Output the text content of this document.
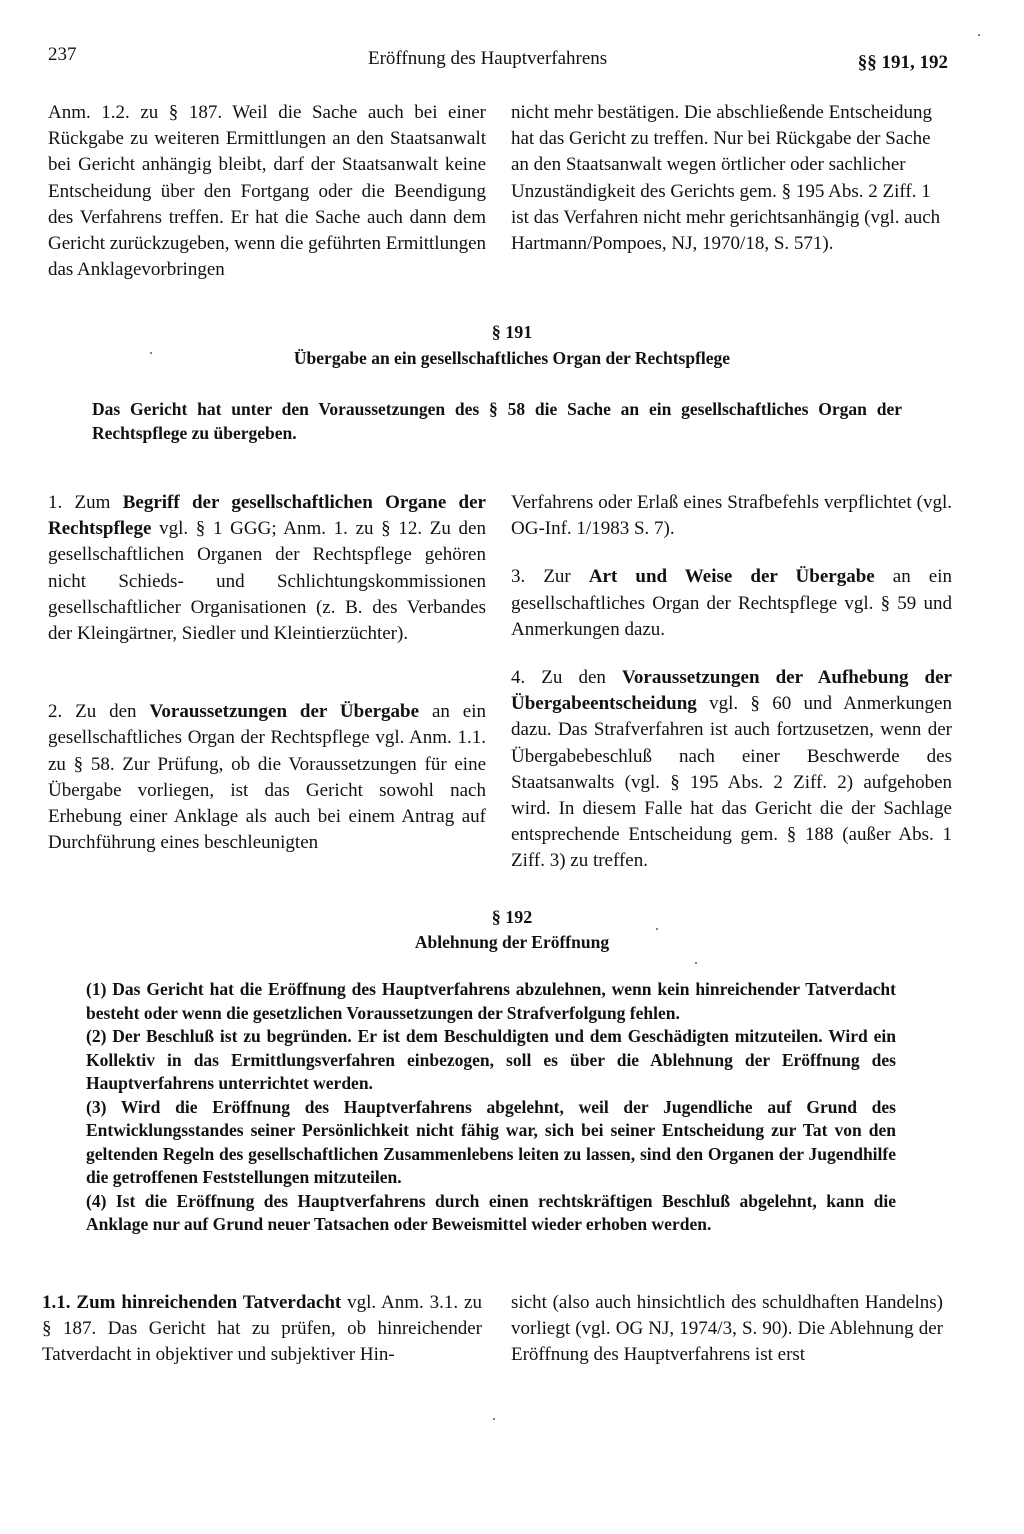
237	Eröffnung des Hauptverfahrens	§§ 191, 192

Anm. 1.2. zu § 187. Weil die Sache auch bei einer Rückgabe zu weiteren Ermittlungen an den Staatsanwalt bei Gericht anhängig bleibt, darf der Staatsanwalt keine Entscheidung über den Fortgang oder die Beendigung des Verfahrens treffen. Er hat die Sache auch dann dem Gericht zurückzugeben, wenn die geführten Ermittlungen das Anklagevorbringen

nicht mehr bestätigen. Die abschließende Entscheidung hat das Gericht zu treffen. Nur bei Rückgabe der Sache an den Staatsanwalt wegen örtlicher oder sachlicher Unzuständigkeit des Gerichts gem. § 195 Abs. 2 Ziff. 1 ist das Verfahren nicht mehr gerichtsanhängig (vgl. auch Hartmann/Pompoes, NJ, 1970/18, S. 571).

§ 191
Übergabe an ein gesellschaftliches Organ der Rechtspflege

Das Gericht hat unter den Voraussetzungen des § 58 die Sache an ein gesellschaftliches Organ der Rechtspflege zu übergeben.

1. Zum Begriff der gesellschaftlichen Organe der Rechtspflege vgl. § 1 GGG; Anm. 1. zu § 12. Zu den gesellschaftlichen Organen der Rechtspflege gehören nicht Schieds- und Schlichtungskommissionen gesellschaftlicher Organisationen (z. B. des Verbandes der Kleingärtner, Siedler und Kleintierzüchter).

2. Zu den Voraussetzungen der Übergabe an ein gesellschaftliches Organ der Rechtspflege vgl. Anm. 1.1. zu § 58. Zur Prüfung, ob die Voraussetzungen für eine Übergabe vorliegen, ist das Gericht sowohl nach Erhebung einer Anklage als auch bei einem Antrag auf Durchführung eines beschleunigten

Verfahrens oder Erlaß eines Strafbefehls verpflichtet (vgl. OG-Inf. 1/1983 S. 7).

3. Zur Art und Weise der Übergabe an ein gesellschaftliches Organ der Rechtspflege vgl. § 59 und Anmerkungen dazu.

4. Zu den Voraussetzungen der Aufhebung der Übergabeentscheidung vgl. § 60 und Anmerkungen dazu. Das Strafverfahren ist auch fortzusetzen, wenn der Übergabebeschluß nach einer Beschwerde des Staatsanwalts (vgl. § 195 Abs. 2 Ziff. 2) aufgehoben wird. In diesem Falle hat das Gericht die der Sachlage entsprechende Entscheidung gem. § 188 (außer Abs. 1 Ziff. 3) zu treffen.

§ 192
Ablehnung der Eröffnung

(1) Das Gericht hat die Eröffnung des Hauptverfahrens abzulehnen, wenn kein hinreichender Tatverdacht besteht oder wenn die gesetzlichen Voraussetzungen der Strafverfolgung fehlen.

(2) Der Beschluß ist zu begründen. Er ist dem Beschuldigten und dem Geschädigten mitzuteilen. Wird ein Kollektiv in das Ermittlungsverfahren einbezogen, soll es über die Ablehnung der Eröffnung des Hauptverfahrens unterrichtet werden.

(3) Wird die Eröffnung des Hauptverfahrens abgelehnt, weil der Jugendliche auf Grund des Entwicklungsstandes seiner Persönlichkeit nicht fähig war, sich bei seiner Entscheidung zur Tat von den geltenden Regeln des gesellschaftlichen Zusammenlebens leiten zu lassen, sind den Organen der Jugendhilfe die getroffenen Feststellungen mitzuteilen.

(4) Ist die Eröffnung des Hauptverfahrens durch einen rechtskräftigen Beschluß abgelehnt, kann die Anklage nur auf Grund neuer Tatsachen oder Beweismittel wieder erhoben werden.

1.1. Zum hinreichenden Tatverdacht vgl. Anm. 3.1. zu § 187. Das Gericht hat zu prüfen, ob hinreichender Tatverdacht in objektiver und subjektiver Hin-

sicht (also auch hinsichtlich des schuldhaften Handelns) vorliegt (vgl. OG NJ, 1974/3, S. 90). Die Ablehnung der Eröffnung des Hauptverfahrens ist erst
